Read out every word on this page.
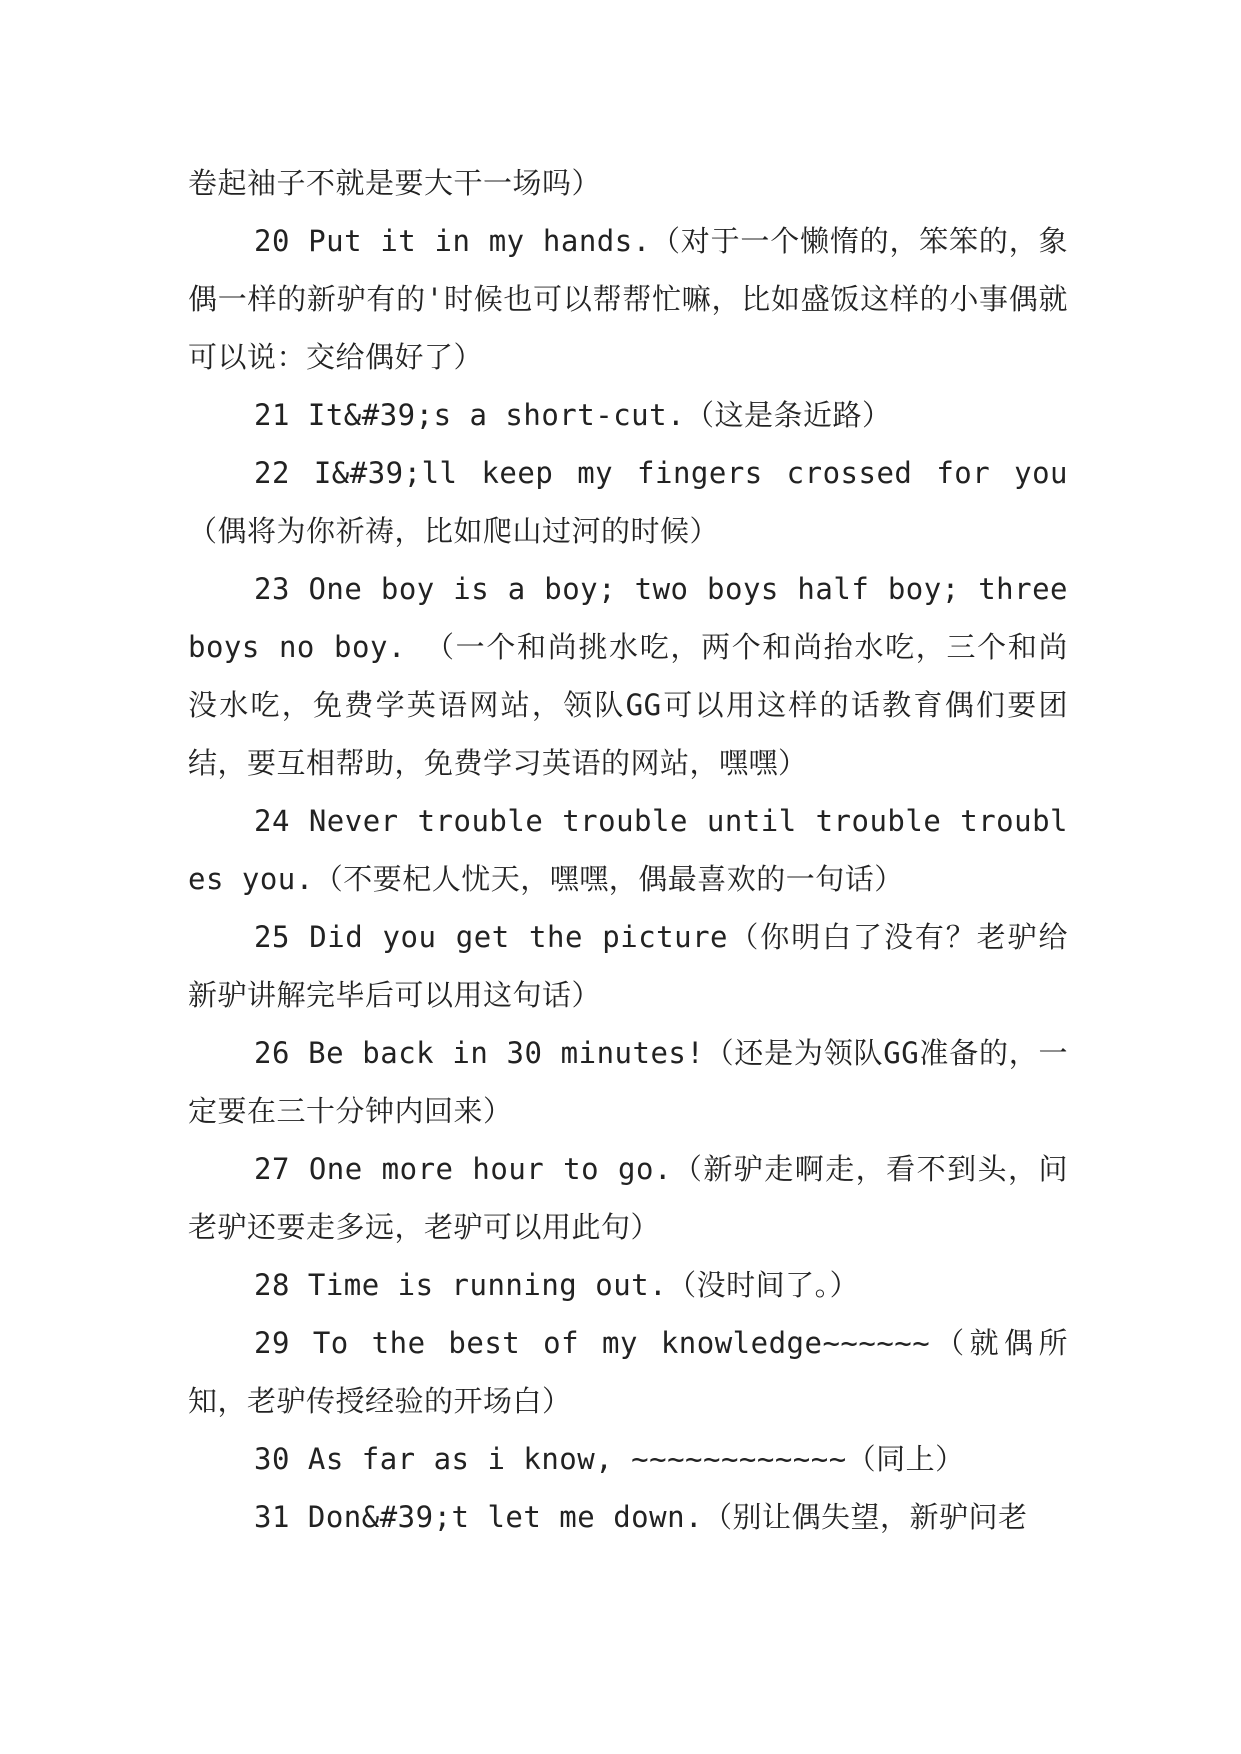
卷起袖子不就是要大干一场吗）

20 Put it in my hands.（对于一个懒惰的，笨笨的，象偶一样的新驴有的'时候也可以帮帮忙嘛，比如盛饭这样的小事偶就可以说：交给偶好了）

21 It&#39;s a short-cut.（这是条近路）

22 I&#39;ll keep my fingers crossed for you（偶将为你祈祷，比如爬山过河的时候）

23 One boy is a boy; two boys half boy; three boys no boy. （一个和尚挑水吃，两个和尚抬水吃，三个和尚没水吃，免费学英语网站，领队GG可以用这样的话教育偶们要团结，要互相帮助，免费学习英语的网站，嘿嘿）

24 Never trouble trouble until trouble troubles you.（不要杞人忧天，嘿嘿，偶最喜欢的一句话）

25 Did you get the picture（你明白了没有？老驴给新驴讲解完毕后可以用这句话）

26 Be back in 30 minutes!（还是为领队GG准备的，一定要在三十分钟内回来）

27 One more hour to go.（新驴走啊走，看不到头，问老驴还要走多远，老驴可以用此句）

28 Time is running out.（没时间了。）

29 To the best of my knowledge~~~~~~（就偶所知，老驴传授经验的开场白）

30 As far as i know, ~~~~~~~~~~~~（同上）

31 Don&#39;t let me down.（别让偶失望，新驴问老
